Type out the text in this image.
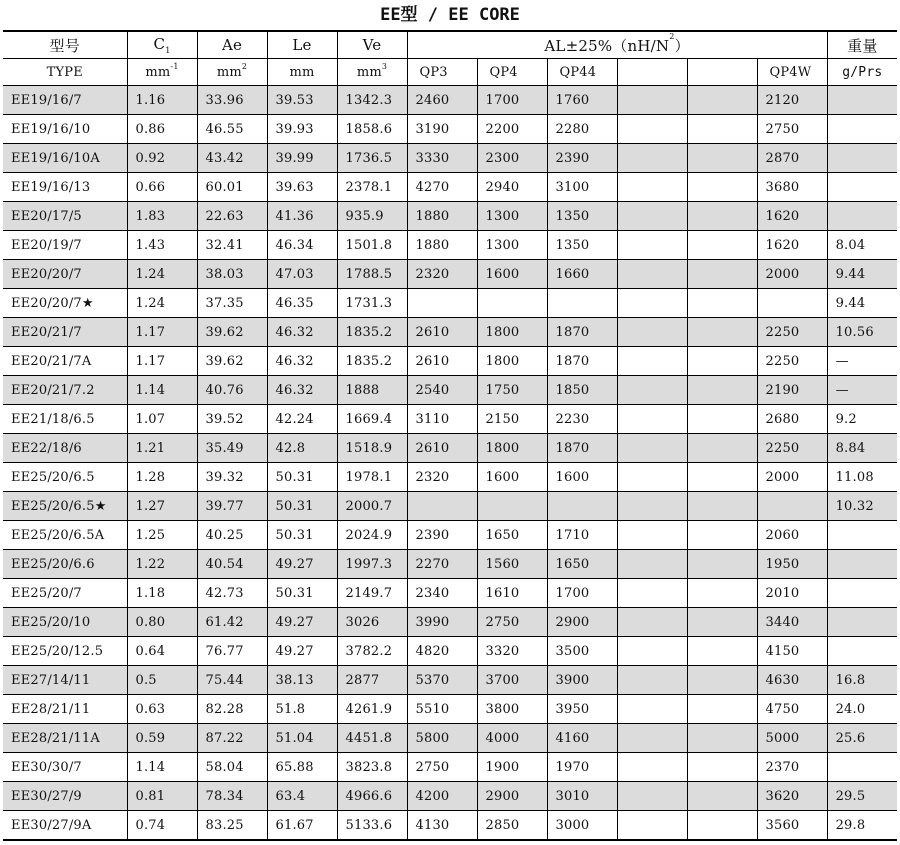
EE型 / EE CORE
型号	$C_1$	Ae	Le	Ve	$AL\pm 25\%(nH/N^2)$						重量
TYPE	$mm^{-1}$	$mm^2$	mm	$mm^3$	QP3	QP4	QP44			QP4W	g/Prs
EE19/16/7	1.16	33.96	39.53	1342.3	2460	1700	1760			2120	
EE19/16/10	0.86	46.55	39.93	1858.6	3190	2200	2280			2750	
EE19/16/10A	0.92	43.42	39.99	1736.5	3330	2300	2390			2870	
EE19/16/13	0.66	60.01	39.63	2378.1	4270	2940	3100			3680	
EE20/17/5	1.83	22.63	41.36	935.9	1880	1300	1350			1620	
EE20/19/7	1.43	32.41	46.34	1501.8	1880	1300	1350			1620	8.04
EE20/20/7	1.24	38.03	47.03	1788.5	2320	1600	1660			2000	9.44
EE20/20/7★	1.24	37.35	46.35	1731.3							9.44
EE20/21/7	1.17	39.62	46.32	1835.2	2610	1800	1870			2250	10.56
EE20/21/7A	1.17	39.62	46.32	1835.2	2610	1800	1870			2250	—
EE20/21/7.2	1.14	40.76	46.32	1888	2540	1750	1850			2190	—
EE21/18/6.5	1.07	39.52	42.24	1669.4	3110	2150	2230			2680	9.2
EE22/18/6	1.21	35.49	42.8	1518.9	2610	1800	1870			2250	8.84
EE25/20/6.5	1.28	39.32	50.31	1978.1	2320	1600	1600			2000	11.08
EE25/20/6.5★	1.27	39.77	50.31	2000.7							10.32
EE25/20/6.5A	1.25	40.25	50.31	2024.9	2390	1650	1710			2060	
EE25/20/6.6	1.22	40.54	49.27	1997.3	2270	1560	1650			1950	
EE25/20/7	1.18	42.73	50.31	2149.7	2340	1610	1700			2010	
EE25/20/10	0.80	61.42	49.27	3026	3990	2750	2900			3440	
EE25/20/12.5	0.64	76.77	49.27	3782.2	4820	3320	3500			4150	
EE27/14/11	0.5	75.44	38.13	2877	5370	3700	3900			4630	16.8
EE28/21/11	0.63	82.28	51.8	4261.9	5510	3800	3950			4750	24.0
EE28/21/11A	0.59	87.22	51.04	4451.8	5800	4000	4160			5000	25.6
EE30/30/7	1.14	58.04	65.88	3823.8	2750	1900	1970			2370	
EE30/27/9	0.81	78.34	63.4	4966.6	4200	2900	3010			3620	29.5
EE30/27/9A	0.74	83.25	61.67	5133.6	4130	2850	3000			3560	29.8
